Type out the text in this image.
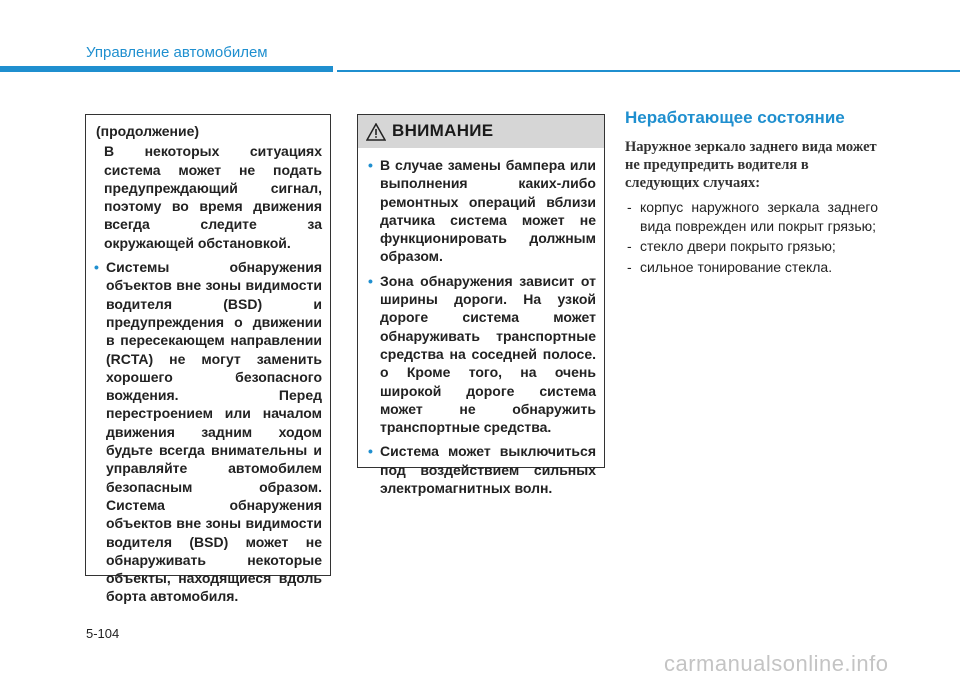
Управление автомобилем
(продолжение)
В некоторых ситуациях система может не подать предупреждающий сигнал, поэтому во время движения всегда следите за окружающей обстановкой.
• Системы обнаружения объектов вне зоны видимости водителя (BSD) и предупреждения о движении в пересекающем направлении (RCTA) не могут заменить хорошего безопасного вождения. Перед перестроением или началом движения задним ходом будьте всегда внимательны и управляйте автомобилем безопасным образом. Система обнаружения объектов вне зоны видимости водителя (BSD) может не обнаруживать некоторые объекты, находящиеся вдоль борта автомобиля.
ВНИМАНИЕ
• В случае замены бампера или выполнения каких-либо ремонтных операций вблизи датчика система может не функционировать должным образом.
• Зона обнаружения зависит от ширины дороги. На узкой дороге система может обнаруживать транспортные средства на соседней полосе. о Кроме того, на очень широкой дороге система может не обнаружить транспортные средства.
• Система может выключиться под воздействием сильных электромагнитных волн.
Неработающее состояние
Наружное зеркало заднего вида может не предупредить водителя в следующих случаях:
- корпус наружного зеркала заднего вида поврежден или покрыт грязью;
- стекло двери покрыто грязью;
- сильное тонирование стекла.
5-104
carmanualsonline.info
